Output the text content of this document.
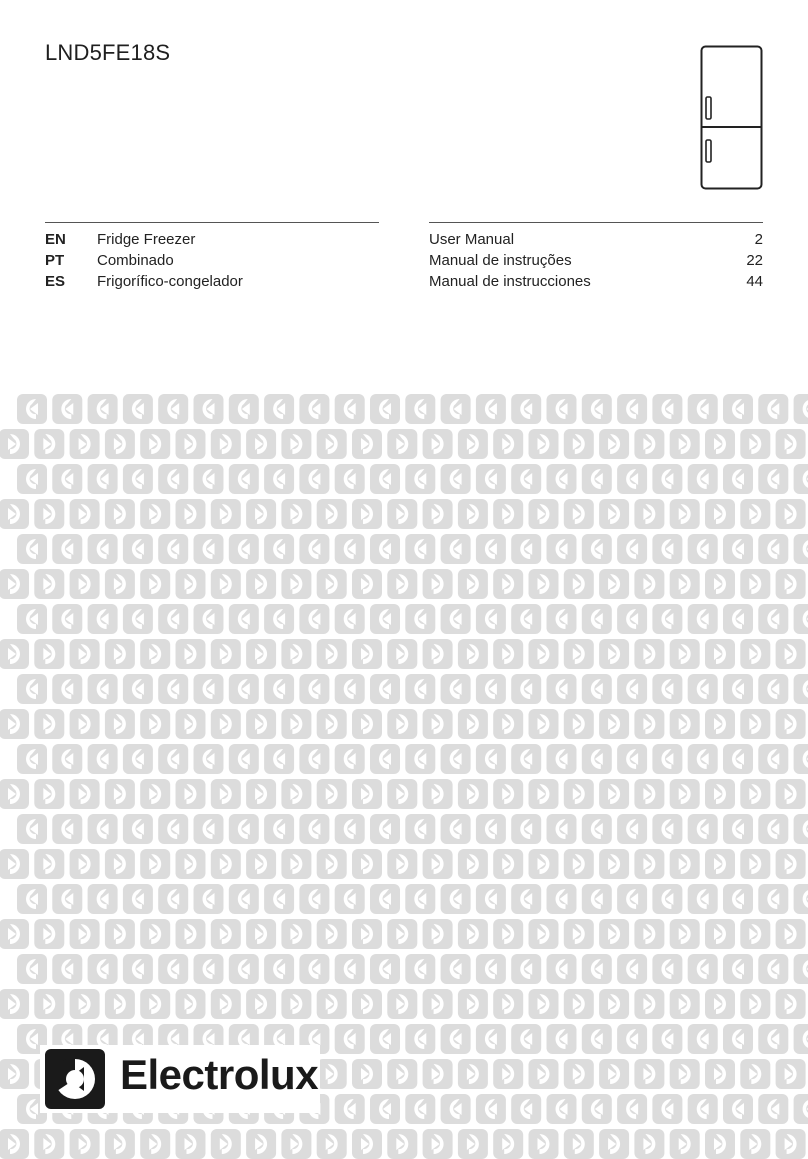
LND5FE18S
EN Fridge Freezer
PT Combinado
ES Frigorífico-congelador
User Manual	2
Manual de instruções	22
Manual de instrucciones	44
Electrolux
